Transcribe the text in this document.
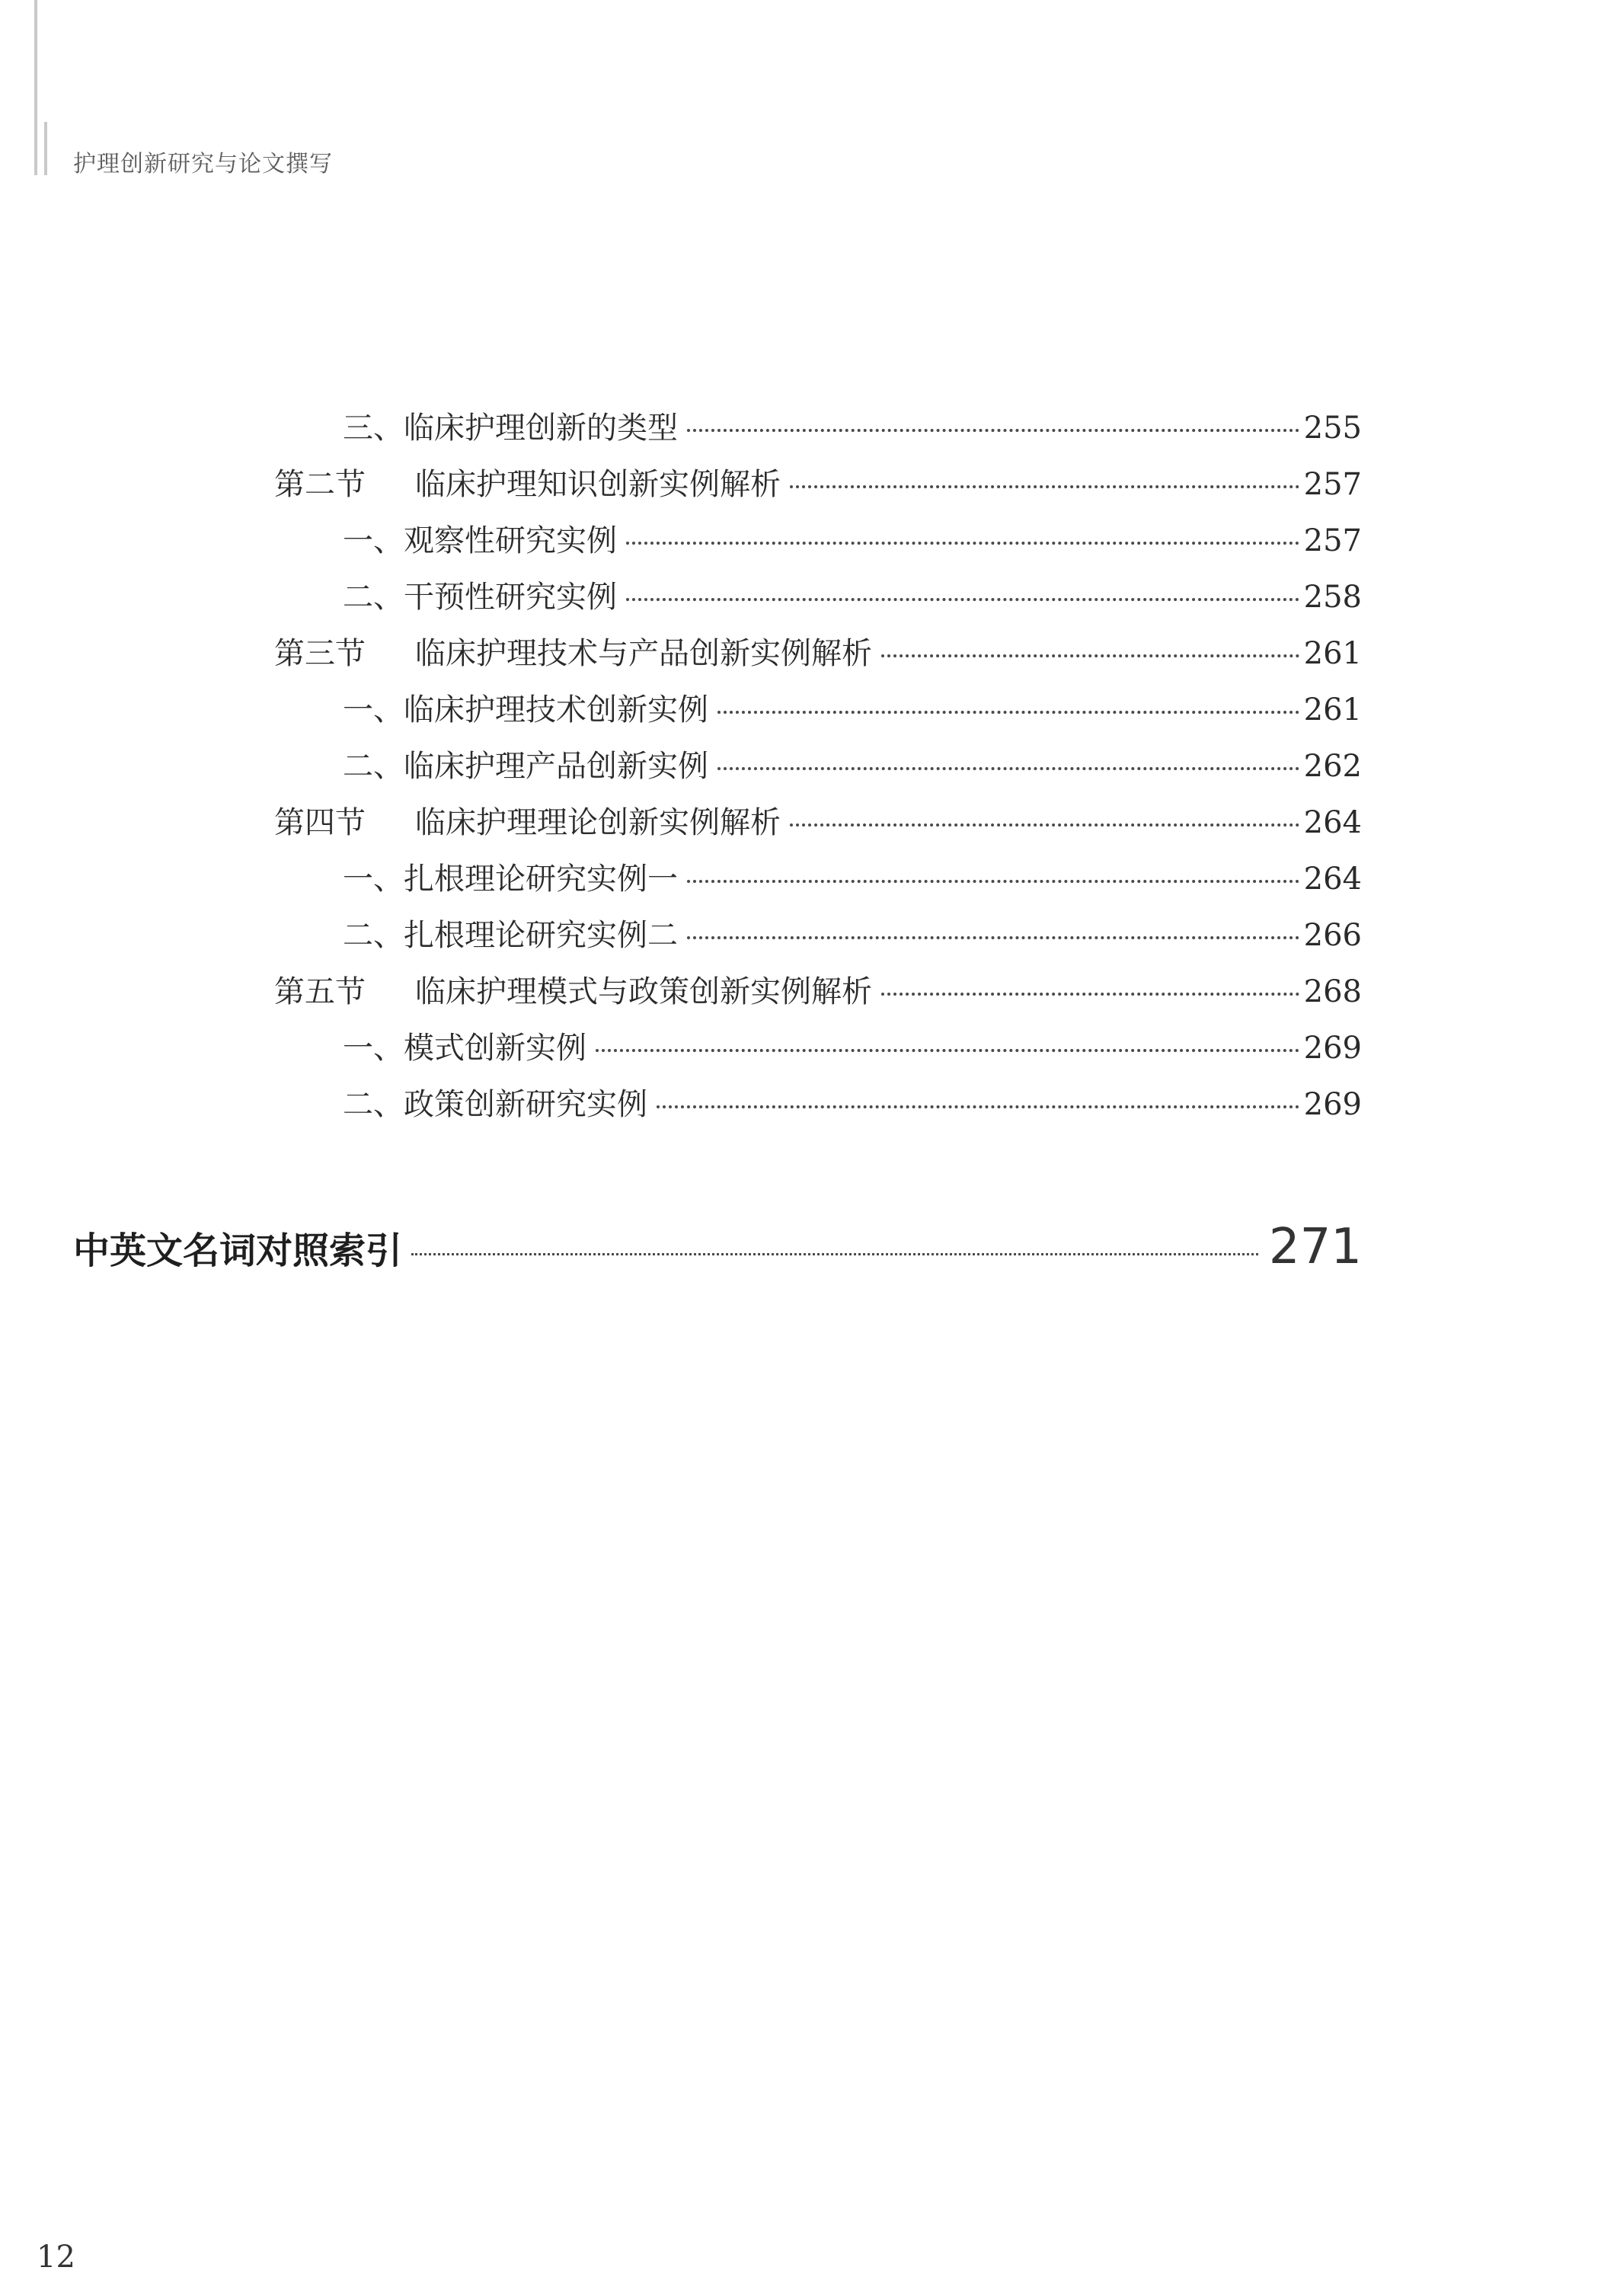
护理创新研究与论文撰写
三、临床护理创新的类型	255
第二节	临床护理知识创新实例解析	257
一、观察性研究实例	257
二、干预性研究实例	258
第三节	临床护理技术与产品创新实例解析	261
一、临床护理技术创新实例	261
二、临床护理产品创新实例	262
第四节	临床护理理论创新实例解析	264
一、扎根理论研究实例一	264
二、扎根理论研究实例二	266
第五节	临床护理模式与政策创新实例解析	268
一、模式创新实例	269
二、政策创新研究实例	269
中英文名词对照索引	271
12
